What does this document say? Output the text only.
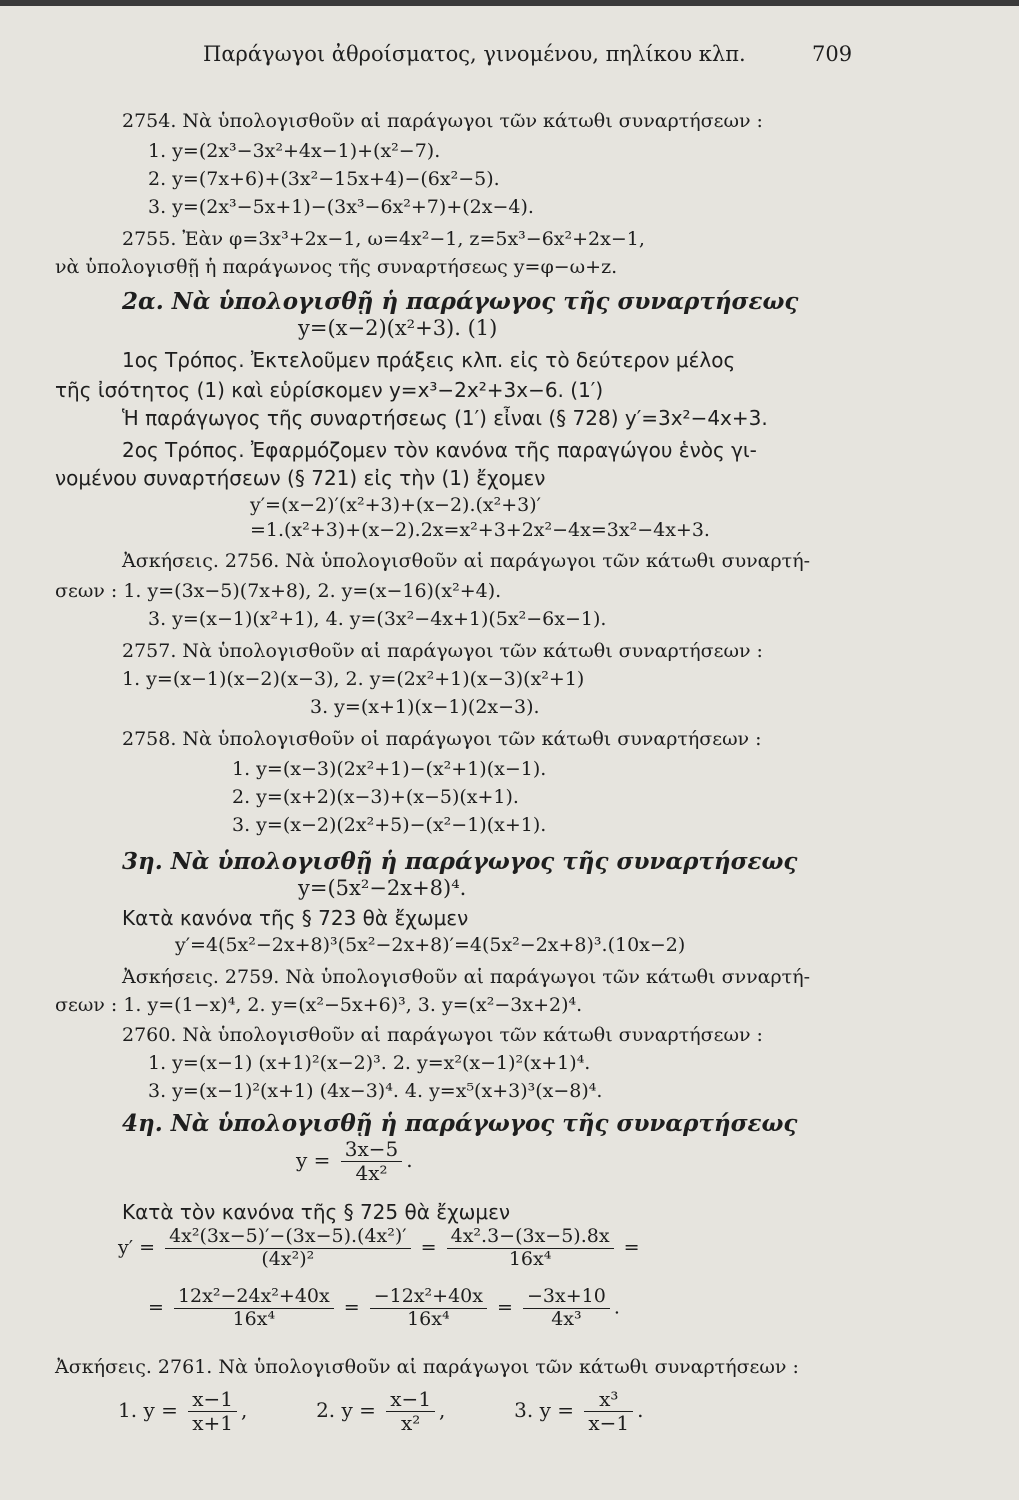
Παράγωγοι ἀθροίσματος, γινομένου, πηλίκου κλπ.	709
2754. Νὰ ὑπολογισθοῦν αἱ παράγωγοι τῶν κάτωθι συναρτήσεων :
1. y=(2x³−3x²+4x−1)+(x²−7).
2. y=(7x+6)+(3x²−15x+4)−(6x²−5).
3. y=(2x³−5x+1)−(3x³−6x²+7)+(2x−4).
2755. Ἐὰν φ=3x³+2x−1, ω=4x²−1, z=5x³−6x²+2x−1,
νὰ ὑπολογισθῇ ἡ παράγωνος τῆς συναρτήσεως y=φ−ω+z.
2α. Νὰ ὑπολογισθῇ ἡ παράγωγος τῆς συναρτήσεως
y=(x−2)(x²+3). (1)
1ος Τρόπος. Ἐκτελοῦμεν πράξεις κλπ. εἰς τὸ δεύτερον μέλος
τῆς ἰσότητος (1) καὶ εὑρίσκομεν y=x³−2x²+3x−6. (1′)
Ἡ παράγωγος τῆς συναρτήσεως (1′) εἶναι (§ 728) y′=3x²−4x+3.
2ος Τρόπος. Ἐφαρμόζομεν τὸν κανόνα τῆς παραγώγου ἑνὸς γι-
νομένου συναρτήσεων (§ 721) εἰς τὴν (1) ἔχομεν
y′=(x−2)′(x²+3)+(x−2).(x²+3)′
=1.(x²+3)+(x−2).2x=x²+3+2x²−4x=3x²−4x+3.
Ἀσκήσεις. 2756. Νὰ ὑπολογισθοῦν αἱ παράγωγοι τῶν κάτωθι συναρτή-
σεων : 1. y=(3x−5)(7x+8), 2. y=(x−16)(x²+4).
3. y=(x−1)(x²+1), 4. y=(3x²−4x+1)(5x²−6x−1).
2757. Νὰ ὑπολογισθοῦν αἱ παράγωγοι τῶν κάτωθι συναρτήσεων :
1. y=(x−1)(x−2)(x−3), 2. y=(2x²+1)(x−3)(x²+1)
3. y=(x+1)(x−1)(2x−3).
2758. Νὰ ὑπολογισθοῦν οἱ παράγωγοι τῶν κάτωθι συναρτήσεων :
1. y=(x−3)(2x²+1)−(x²+1)(x−1).
2. y=(x+2)(x−3)+(x−5)(x+1).
3. y=(x−2)(2x²+5)−(x²−1)(x+1).
3η. Νὰ ὑπολογισθῇ ἡ παράγωγος τῆς συναρτήσεως
y=(5x²−2x+8)⁴.
Κατὰ κανόνα τῆς § 723 θὰ ἔχωμεν
y′=4(5x²−2x+8)³(5x²−2x+8)′=4(5x²−2x+8)³.(10x−2)
Ἀσκήσεις. 2759. Νὰ ὑπολογισθοῦν αἱ παράγωγοι τῶν κάτωθι σνναρτή-
σεων : 1. y=(1−x)⁴, 2. y=(x²−5x+6)³, 3. y=(x²−3x+2)⁴.
2760. Νὰ ὑπολογισθοῦν αἱ παράγωγοι τῶν κάτωθι συναρτήσεων :
1. y=(x−1) (x+1)²(x−2)³. 2. y=x²(x−1)²(x+1)⁴.
3. y=(x−1)²(x+1) (4x−3)⁴. 4. y=x⁵(x+3)³(x−8)⁴.
4η. Νὰ ὑπολογισθῇ ἡ παράγωγος τῆς συναρτήσεως
$y = \frac{3x-5}{\text{4x²}}$ .
Κατὰ τὸν κανόνα τῆς § 725 θὰ ἔχωμεν
$y' = \frac{\text{4x²(3x−5)′−(3x−5).(4x²)′}}{\text{(4x²)²}} = \frac{\text{4x².3−(3x−5).8x}}{\text{16x⁴}}$ =
= $\frac{\text{12x²−24x²+40x}}{\text{16x⁴}} = \frac{\text{−12x²+40x}}{\text{16x⁴}} = \frac{-3x+10}{\text{4x³}}$ .
Ἀσκήσεις. 2761. Νὰ ὑπολογισθοῦν αἱ παράγωγοι τῶν κάτωθι συναρτήσεων :
1. $y = \frac{x-1}{x+1}$ ,	2. $y = \frac{x-1}{\text{x²}}$ ,	3. $y = \frac{\text{x³}}{x-1}$ .
